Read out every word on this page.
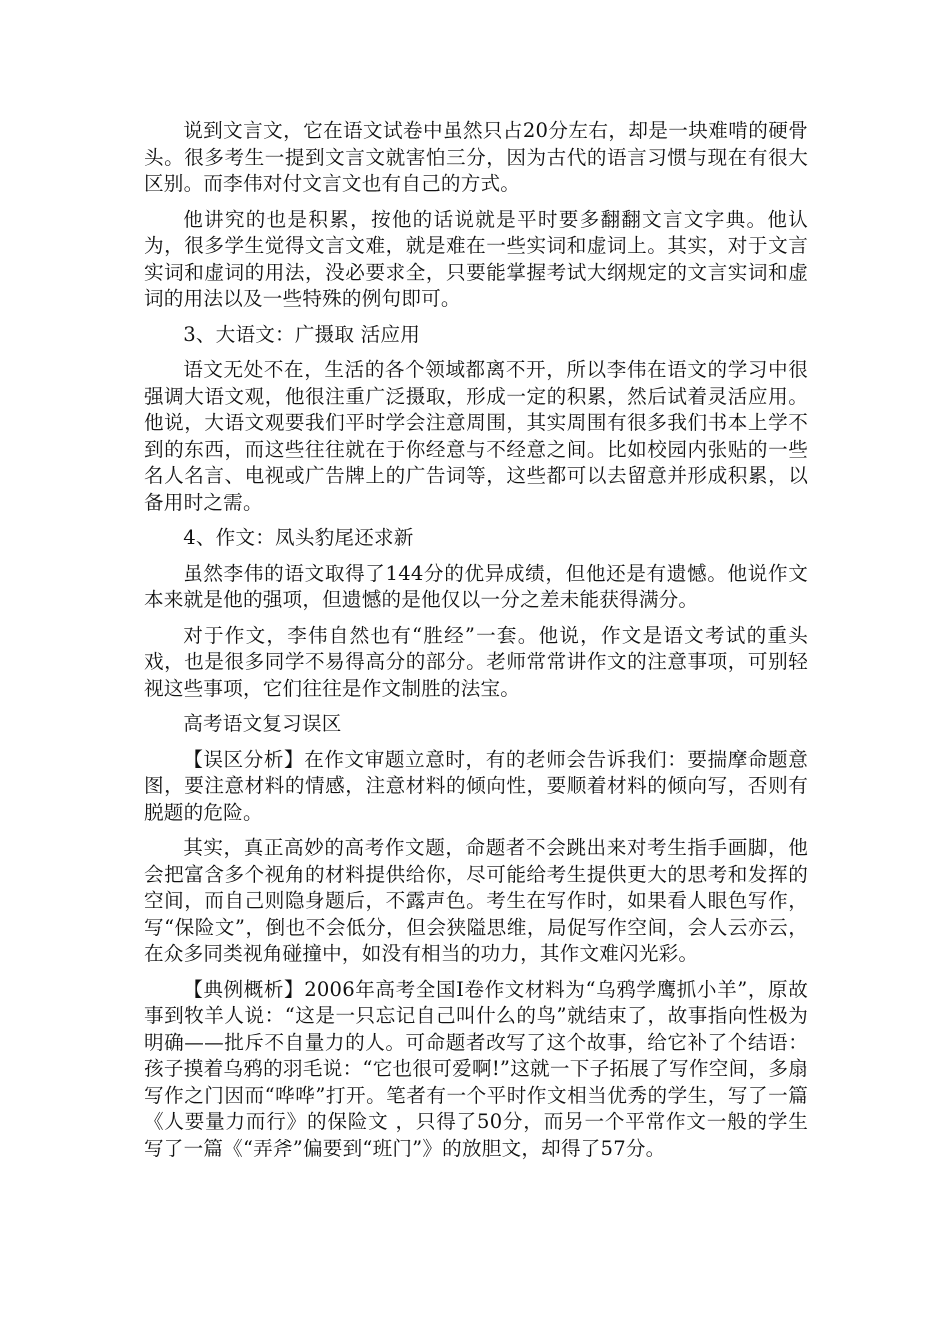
说到文言文，它在语文试卷中虽然只占20分左右，却是一块难啃的硬骨头。很多考生一提到文言文就害怕三分，因为古代的语言习惯与现在有很大区别。而李伟对付文言文也有自己的方式。

他讲究的也是积累，按他的话说就是平时要多翻翻文言文字典。他认为，很多学生觉得文言文难，就是难在一些实词和虚词上。其实，对于文言实词和虚词的用法，没必要求全，只要能掌握考试大纲规定的文言实词和虚词的用法以及一些特殊的例句即可。

3、大语文：广摄取 活应用

语文无处不在，生活的各个领域都离不开，所以李伟在语文的学习中很强调大语文观，他很注重广泛摄取，形成一定的积累，然后试着灵活应用。他说，大语文观要我们平时学会注意周围，其实周围有很多我们书本上学不到的东西，而这些往往就在于你经意与不经意之间。比如校园内张贴的一些名人名言、电视或广告牌上的广告词等，这些都可以去留意并形成积累，以备用时之需。

4、作文：凤头豹尾还求新

虽然李伟的语文取得了144分的优异成绩，但他还是有遗憾。他说作文本来就是他的强项，但遗憾的是他仅以一分之差未能获得满分。

对于作文，李伟自然也有“胜经”一套。他说，作文是语文考试的重头戏，也是很多同学不易得高分的部分。老师常常讲作文的注意事项，可别轻视这些事项，它们往往是作文制胜的法宝。

高考语文复习误区

【误区分析】在作文审题立意时，有的老师会告诉我们：要揣摩命题意图，要注意材料的情感，注意材料的倾向性，要顺着材料的倾向写，否则有脱题的危险。

其实，真正高妙的高考作文题，命题者不会跳出来对考生指手画脚，他会把富含多个视角的材料提供给你，尽可能给考生提供更大的思考和发挥的空间，而自己则隐身题后，不露声色。考生在写作时，如果看人眼色写作，写“保险文”，倒也不会低分，但会狭隘思维，局促写作空间，会人云亦云，在众多同类视角碰撞中，如没有相当的功力，其作文难闪光彩。

【典例概析】2006年高考全国Ⅰ卷作文材料为“乌鸦学鹰抓小羊”，原故事到牧羊人说：“这是一只忘记自己叫什么的鸟”就结束了，故事指向性极为明确——批斥不自量力的人。可命题者改写了这个故事，给它补了个结语：孩子摸着乌鸦的羽毛说：“它也很可爱啊!”这就一下子拓展了写作空间，多扇写作之门因而“哗哗”打开。笔者有一个平时作文相当优秀的学生，写了一篇《人要量力而行》的保险文 ，只得了50分，而另一个平常作文一般的学生写了一篇《“弄斧”偏要到“班门”》的放胆文，却得了57分。
